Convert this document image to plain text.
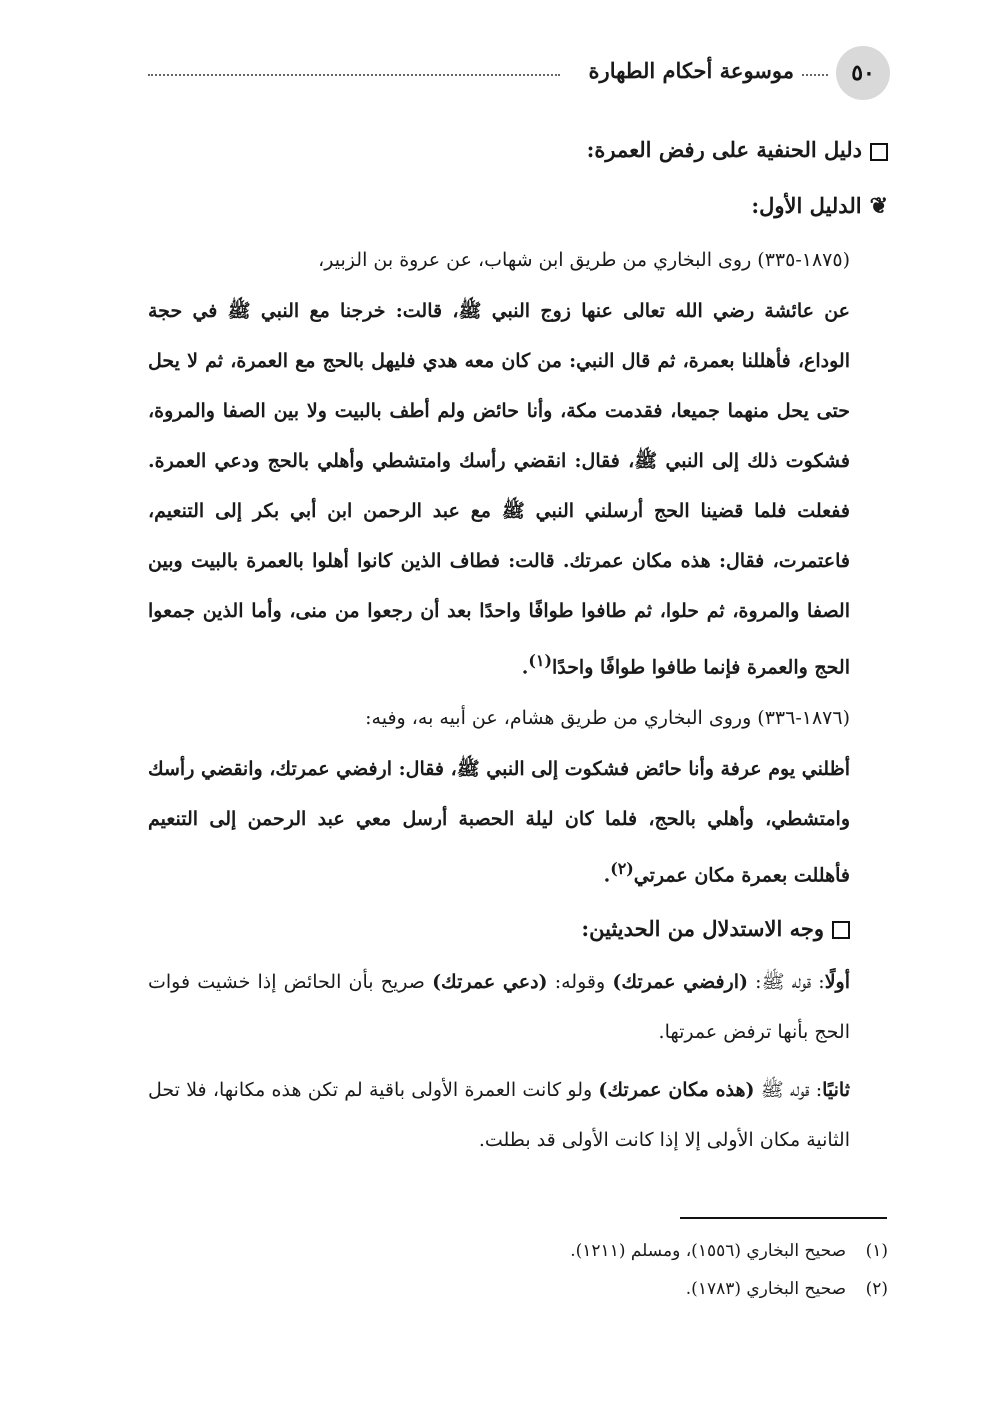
٥٠
موسوعة أحكام الطهارة
دليل الحنفية على رفض العمرة:
❦الدليل الأول:
(١٨٧٥-٣٣٥) روى البخاري من طريق ابن شهاب، عن عروة بن الزبير،
عن عائشة رضي الله تعالى عنها زوج النبي ﷺ، قالت: خرجنا مع النبي ﷺ في حجة الوداع، فأهللنا بعمرة، ثم قال النبي: من كان معه هدي فليهل بالحج مع العمرة، ثم لا يحل حتى يحل منهما جميعا، فقدمت مكة، وأنا حائض ولم أطف بالبيت ولا بين الصفا والمروة، فشكوت ذلك إلى النبي ﷺ، فقال: انقضي رأسك وامتشطي وأهلي بالحج ودعي العمرة. ففعلت فلما قضينا الحج أرسلني النبي ﷺ مع عبد الرحمن ابن أبي بكر إلى التنعيم، فاعتمرت، فقال: هذه مكان عمرتك. قالت: فطاف الذين كانوا أهلوا بالعمرة بالبيت وبين الصفا والمروة، ثم حلوا، ثم طافوا طوافًا واحدًا بعد أن رجعوا من منى، وأما الذين جمعوا الحج والعمرة فإنما طافوا طوافًا واحدًا$^{(١)}$.
(١٨٧٦-٣٣٦) وروى البخاري من طريق هشام، عن أبيه به، وفيه:
أظلني يوم عرفة وأنا حائض فشكوت إلى النبي ﷺ، فقال: ارفضي عمرتك، وانقضي رأسك وامتشطي، وأهلي بالحج، فلما كان ليلة الحصبة أرسل معي عبد الرحمن إلى التنعيم فأهللت بعمرة مكان عمرتي$^{(٢)}$.
وجه الاستدلال من الحديثين:
أولًا: قوله ﷺ: (ارفضي عمرتك) وقوله: (دعي عمرتك) صريح بأن الحائض إذا خشيت فوات الحج بأنها ترفض عمرتها.
ثانيًا: قوله ﷺ (هذه مكان عمرتك) ولو كانت العمرة الأولى باقية لم تكن هذه مكانها، فلا تحل الثانية مكان الأولى إلا إذا كانت الأولى قد بطلت.
(١)صحيح البخاري (١٥٥٦)، ومسلم (١٢١١).
(٢)صحيح البخاري (١٧٨٣).
